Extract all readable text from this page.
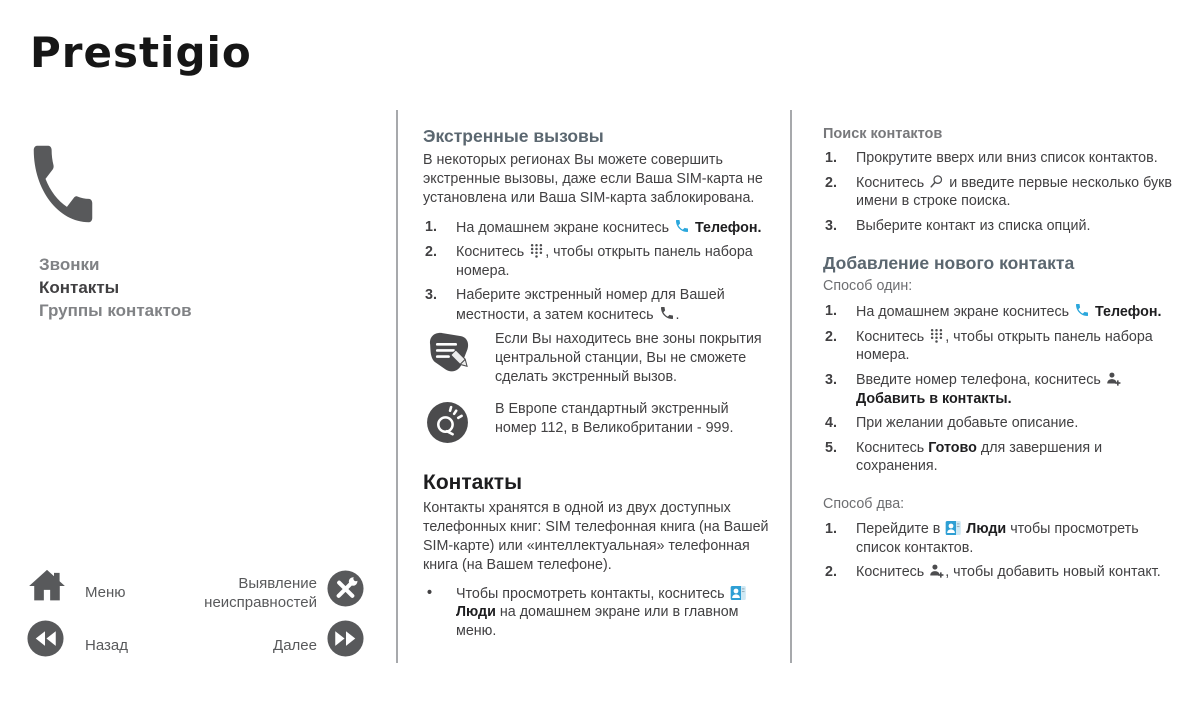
Prestigio
Звонки
Контакты
Группы контактов
Меню
Выявление неисправностей
Назад	Далее
Экстренные вызовы

В некоторых регионах Вы можете совершить экстренные вызовы, даже если Ваша SIM-карта не установлена или Ваша SIM-карта заблокирована.

На домашнем экране коснитесь
Телефон.
Коснитесь
, чтобы открыть панель набора номера.
Наберите экстренный номер для Вашей местности, а затем коснитесь
.
Если Вы находитесь вне зоны покрытия центральной станции, Вы не сможете сделать экстренный вызов.
В Европе стандартный экстренный номер 112, в Великобритании - 999.
Контакты

Контакты хранятся в одной из двух доступных телефонных книг: SIM телефонная книга (на Вашей SIM-карте) или «интеллектуальная» телефонная книга (на Вашем телефоне).

• Чтобы просмотреть контакты, коснитесь
Люди на домашнем экране или в главном меню.
Поиск контактов
Прокрутите вверх или вниз список контактов.
Коснитесь
и введите первые несколько букв имени в строке поиска.
Выберите контакт из списка опций.
Добавление нового контакта
Способ один:
На домашнем экране коснитесь
Телефон.
Коснитесь
, чтобы открыть панель набора номера.
Введите номер телефона, коснитесь
Добавить в контакты.
При желании добавьте описание.
Коснитесь Готово для завершения и сохранения.
Способ два:
Перейдите в
Люди чтобы просмотреть список контактов.
Коснитесь
, чтобы добавить новый контакт.
